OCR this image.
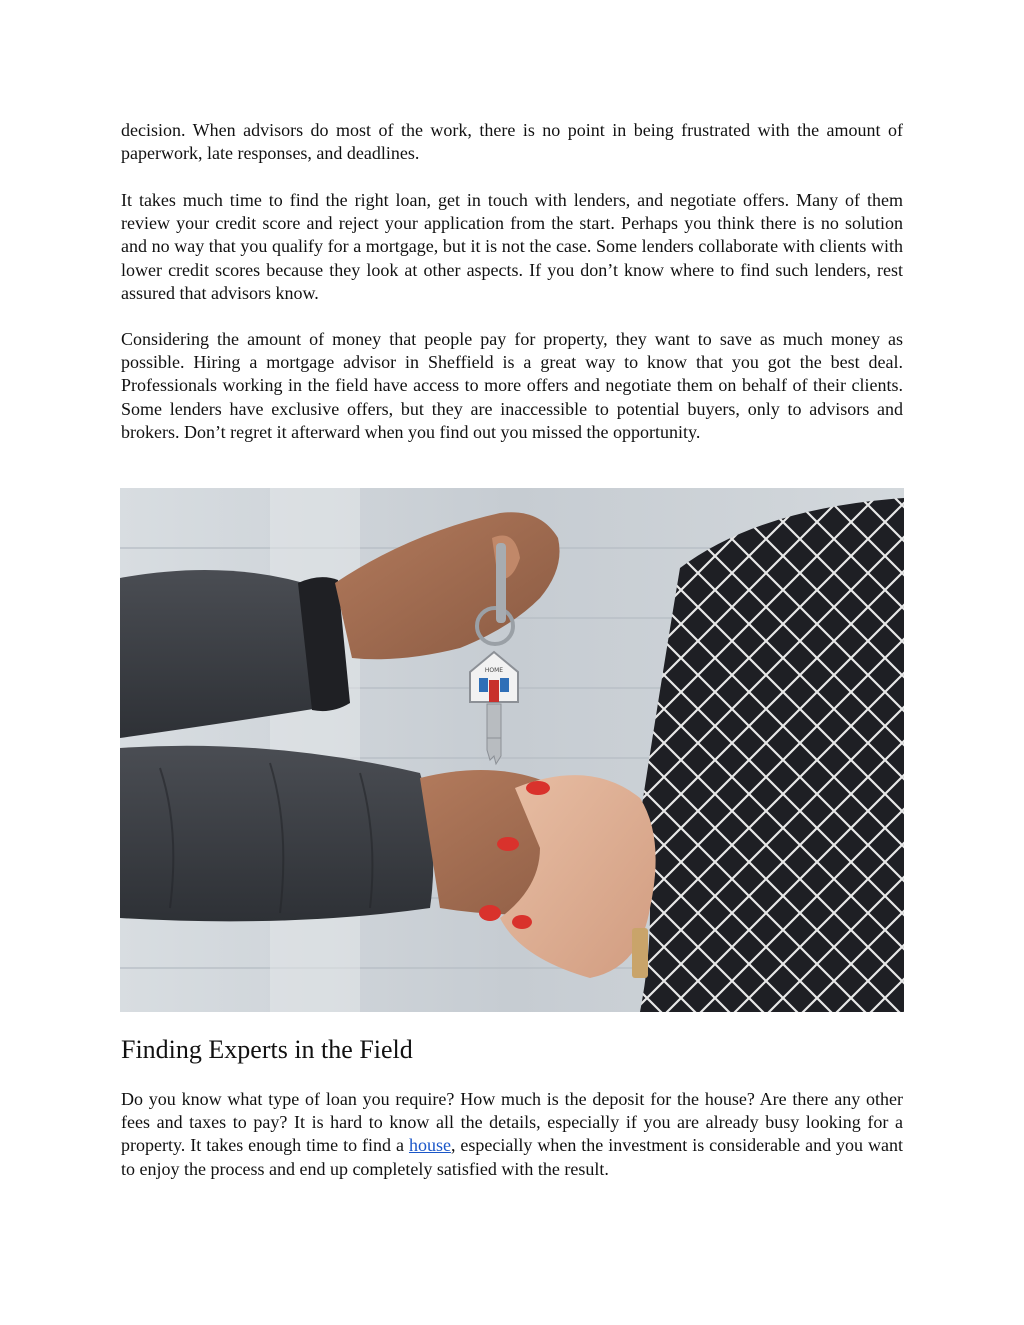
decision. When advisors do most of the work, there is no point in being frustrated with the amount of paperwork, late responses, and deadlines.

It takes much time to find the right loan, get in touch with lenders, and negotiate offers. Many of them review your credit score and reject your application from the start. Perhaps you think there is no solution and no way that you qualify for a mortgage, but it is not the case. Some lenders collaborate with clients with lower credit scores because they look at other aspects. If you don’t know where to find such lenders, rest assured that advisors know.

Considering the amount of money that people pay for property, they want to save as much money as possible. Hiring a mortgage advisor in Sheffield is a great way to know that you got the best deal. Professionals working in the field have access to more offers and negotiate them on behalf of their clients. Some lenders have exclusive offers, but they are inaccessible to potential buyers, only to advisors and brokers. Don’t regret it afterward when you find out you missed the opportunity.

HOME
Finding Experts in the Field

Do you know what type of loan you require? How much is the deposit for the house? Are there any other fees and taxes to pay? It is hard to know all the details, especially if you are already busy looking for a property. It takes enough time to find a house, especially when the investment is considerable and you want to enjoy the process and end up completely satisfied with the result.
